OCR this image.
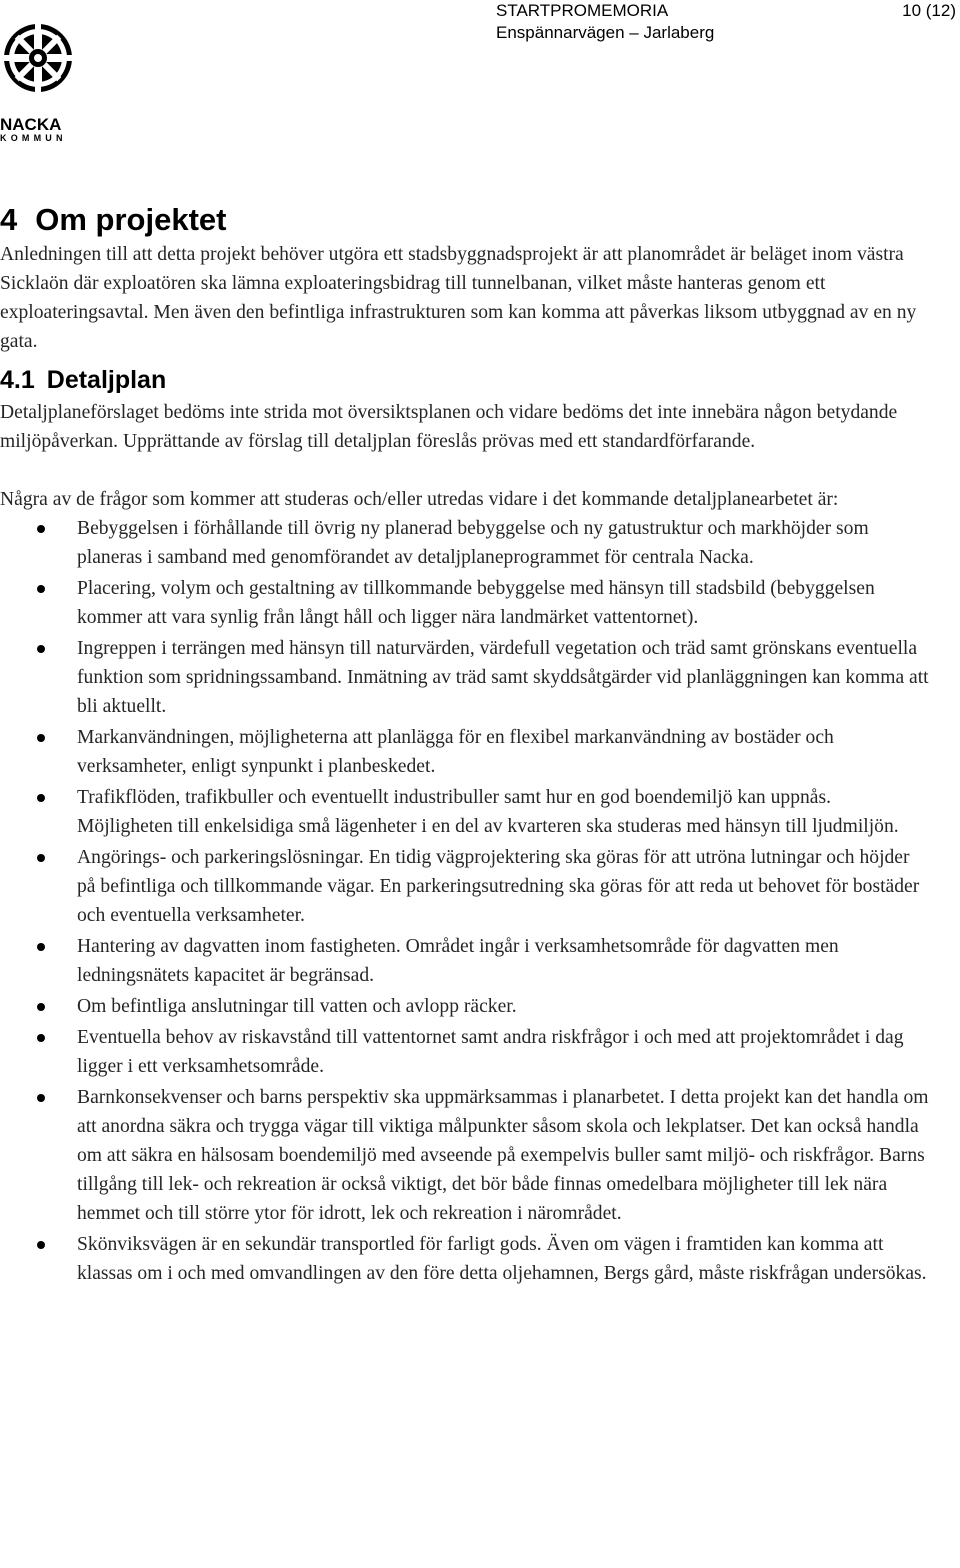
NACKA
KOMMUN
STARTPROMEMORIA
Enspännarvägen – Jarlaberg
10 (12)
4 Om projektet

Anledningen till att detta projekt behöver utgöra ett stadsbyggnadsprojekt är att planområdet är beläget inom västra Sicklaön där exploatören ska lämna exploateringsbidrag till tunnelbanan, vilket måste hanteras genom ett exploateringsavtal. Men även den befintliga infrastrukturen som kan komma att påverkas liksom utbyggnad av en ny gata.

4.1 Detaljplan

Detaljplaneförslaget bedöms inte strida mot översiktsplanen och vidare bedöms det inte innebära någon betydande miljöpåverkan. Upprättande av förslag till detaljplan föreslås prövas med ett standardförfarande.

Några av de frågor som kommer att studeras och/eller utredas vidare i det kommande detaljplanearbetet är:

Bebyggelsen i förhållande till övrig ny planerad bebyggelse och ny gatustruktur och markhöjder som planeras i samband med genomförandet av detaljplaneprogrammet för centrala Nacka.
Placering, volym och gestaltning av tillkommande bebyggelse med hänsyn till stadsbild (bebyggelsen kommer att vara synlig från långt håll och ligger nära landmärket vattentornet).
Ingreppen i terrängen med hänsyn till naturvärden, värdefull vegetation och träd samt grönskans eventuella funktion som spridningssamband. Inmätning av träd samt skyddsåtgärder vid planläggningen kan komma att bli aktuellt.
Markanvändningen, möjligheterna att planlägga för en flexibel markanvändning av bostäder och verksamheter, enligt synpunkt i planbeskedet.
Trafikflöden, trafikbuller och eventuellt industribuller samt hur en god boendemiljö kan uppnås. Möjligheten till enkelsidiga små lägenheter i en del av kvarteren ska studeras med hänsyn till ljudmiljön.
Angörings- och parkeringslösningar. En tidig vägprojektering ska göras för att utröna lutningar och höjder på befintliga och tillkommande vägar. En parkeringsutredning ska göras för att reda ut behovet för bostäder och eventuella verksamheter.
Hantering av dagvatten inom fastigheten. Området ingår i verksamhetsområde för dagvatten men ledningsnätets kapacitet är begränsad.
Om befintliga anslutningar till vatten och avlopp räcker.
Eventuella behov av riskavstånd till vattentornet samt andra riskfrågor i och med att projektområdet i dag ligger i ett verksamhetsområde.
Barnkonsekvenser och barns perspektiv ska uppmärksammas i planarbetet. I detta projekt kan det handla om att anordna säkra och trygga vägar till viktiga målpunkter såsom skola och lekplatser. Det kan också handla om att säkra en hälsosam boendemiljö med avseende på exempelvis buller samt miljö- och riskfrågor. Barns tillgång till lek- och rekreation är också viktigt, det bör både finnas omedelbara möjligheter till lek nära hemmet och till större ytor för idrott, lek och rekreation i närområdet.
Skönviksvägen är en sekundär transportled för farligt gods. Även om vägen i framtiden kan komma att klassas om i och med omvandlingen av den före detta oljehamnen, Bergs gård, måste riskfrågan undersökas.
